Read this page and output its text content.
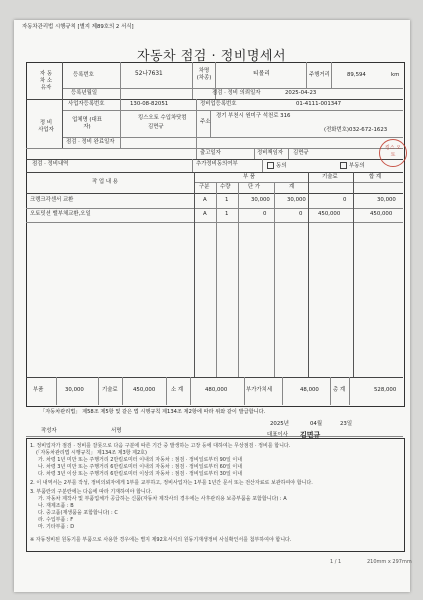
자동차관리법 시행규칙 [별지 제89호의 2 서식]
자동차 점검 · 정비명세서
자 동 차 소유자
등록번호	52나7631	차명 (차종)
티볼리	주행거리	89,594	km
등록년월일	점검 · 정비 의뢰일자	2025-04-23
정 비 사업자
사업자등록번호	130-08-82051	정비업등록번호	01-4111-001347
업체명 (대표자)
킹스오토 수입차닷컴
김면규
주소
경기 부천시 원미구 석천로 316
(전화번호)032-672-1623
점검 · 정비 완료일자
출고일자	정비책임자 김면규
점검 · 정비내역	추가정비동의여부	동의	부동의
작 업 내 용
부 품	기술료	합 계
구분 수량	단 가	계
크랭크각센서 교환	A	1	30,000	30,000	0	30,000
오토밋션 밸부체교환,오일	A	1	0	0	450,000	450,000
부품	30,000	기술료	450,000	소 계	480,000	부가가치세	48,000	총 계	528,000
「자동차관리법」 제58조 제5항 및 같은 법 시행규칙 제134조 제2항에 따라 위와 같이 발급합니다.
2025년	04월	23일
대표이사 김면규
작성자	서명
1. 정비업자가 점검 · 정비를 잘못으로 다음 구분에 따른 기간 중 발생하는 고장 등에 대하여는 무상점검 · 정비를 합니다.
(「자동차관리법 시행규칙」 제134조 제3항 제2호)
가. 차령 1년 미만 또는 주행거리 2만킬로미터 이내의 자동차 : 점검 · 정비일로부터 90일 이내
나. 차령 3년 미만 또는 주행거리 6만킬로미터 이내의 자동차 : 점검 · 정비일로부터 60일 이내
다. 차령 3년 이상 또는 주행거리 6만킬로미터 이상의 자동차 : 점검 · 정비일로부터 30일 이내
2. 이 내역서는 2부를 작성, 정비의뢰자에게 1부를 교부하고, 정비사업자는 1부를 1년간 문서 또는 전산자료로 보관하여야 합니다.
3. 부품란의 구분란에는 다음에 따라 기재하여야 합니다.
가. 자동차 제작사 및 부품업체가 공급하는 신품(자동차 제작사의 경우에는 사후관리용 보증부품을 포함합니다) : A
나. 재제조품 : B
다. 중고품(재생품을 포함합니다) : C
라. 수입부품 : F
마. 기타부품 : D
※ 자동정비된 원동기를 부품으로 사용한 경우에는 별지 제92호서식의 원동기재생정비 사실확인서를 첨부하여야 합니다.
킹스 오토
1 / 1	210mm x 297mm
